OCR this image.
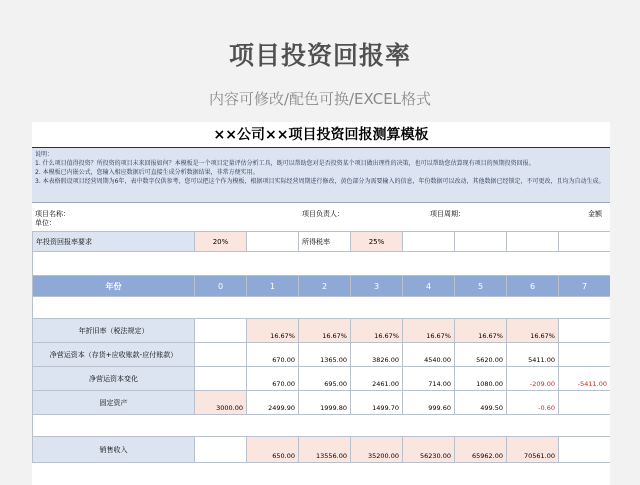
项目投资回报率
内容可修改/配色可换/EXCEL格式
××公司××项目投资回报测算模板
说明：
1. 什么项目值得投资？所投资的项目未来回报如何？本模板是一个项目定量评估分析工具，既可以帮助您对是否投资某个项目做出理性的决策，也可以帮助您估算现有项目的预期投资回报。
2. 本模板已内嵌公式，您输入相应数据后可直接生成分析数据结果，非常方便实用。
3. 本表格假设项目经营周期为6年，表中数字仅供参考，您可以把这个作为模板，根据项目实际经营周期进行修改，黄色部分为需要输入的信息，年份数据可以改动，其他数据已经锁定，不可更改，且均为自动生成。
项目名称：
单位：
项目负责人：	项目周期：	金额
年投资回报率要求	20%		所得税率	25%				

年份	0	1	2	3	4	5	6	7

年折旧率（税法规定）		16.67%	16.67%	16.67%	16.67%	16.67%	16.67%	
净营运资本（存货+应收账款-应付账款）		670.00	1365.00	3826.00	4540.00	5620.00	5411.00	
净营运资本变化		670.00	695.00	2461.00	714.00	1080.00	-209.00	-5411.00
固定资产	3000.00	2499.90	1999.80	1499.70	999.60	499.50	-0.60	

销售收入		650.00	13556.00	35200.00	56230.00	65962.00	70561.00	
